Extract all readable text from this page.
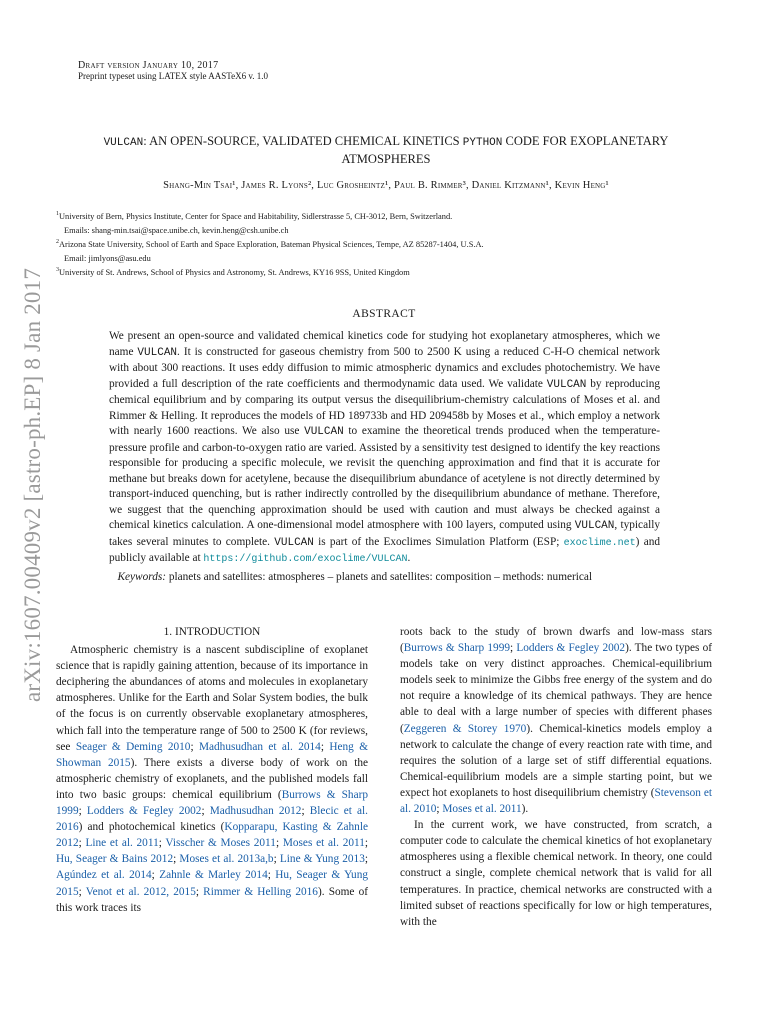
arXiv:1607.00409v2 [astro-ph.EP] 8 Jan 2017
Draft version January 10, 2017
Preprint typeset using LATEX style AASTeX6 v. 1.0
VULCAN: AN OPEN-SOURCE, VALIDATED CHEMICAL KINETICS PYTHON CODE FOR EXOPLANETARY
ATMOSPHERES
Shang-Min Tsai¹, James R. Lyons², Luc Grosheintz¹, Paul B. Rimmer³, Daniel Kitzmann¹, Kevin Heng¹
$^1$University of Bern, Physics Institute, Center for Space and Habitability, Sidlerstrasse 5, CH-3012, Bern, Switzerland.
Emails: shang-min.tsai@space.unibe.ch, kevin.heng@csh.unibe.ch
$^2$Arizona State University, School of Earth and Space Exploration, Bateman Physical Sciences, Tempe, AZ 85287-1404, U.S.A.
Email: jimlyons@asu.edu
$^3$University of St. Andrews, School of Physics and Astronomy, St. Andrews, KY16 9SS, United Kingdom
ABSTRACT
We present an open-source and validated chemical kinetics code for studying hot exoplanetary atmospheres, which we name VULCAN. It is constructed for gaseous chemistry from 500 to 2500 K using a reduced C-H-O chemical network with about 300 reactions. It uses eddy diffusion to mimic atmospheric dynamics and excludes photochemistry. We have provided a full description of the rate coefficients and thermodynamic data used. We validate VULCAN by reproducing chemical equilibrium and by comparing its output versus the disequilibrium-chemistry calculations of Moses et al. and Rimmer & Helling. It reproduces the models of HD 189733b and HD 209458b by Moses et al., which employ a network with nearly 1600 reactions. We also use VULCAN to examine the theoretical trends produced when the temperature-pressure profile and carbon-to-oxygen ratio are varied. Assisted by a sensitivity test designed to identify the key reactions responsible for producing a specific molecule, we revisit the quenching approximation and find that it is accurate for methane but breaks down for acetylene, because the disequilibrium abundance of acetylene is not directly determined by transport-induced quenching, but is rather indirectly controlled by the disequilibrium abundance of methane. Therefore, we suggest that the quenching approximation should be used with caution and must always be checked against a chemical kinetics calculation. A one-dimensional model atmosphere with 100 layers, computed using VULCAN, typically takes several minutes to complete. VULCAN is part of the Exoclimes Simulation Platform (ESP; exoclime.net) and publicly available at https://github.com/exoclime/VULCAN.
Keywords: planets and satellites: atmospheres – planets and satellites: composition – methods: numerical
1. INTRODUCTION

Atmospheric chemistry is a nascent subdiscipline of exoplanet science that is rapidly gaining attention, because of its importance in deciphering the abundances of atoms and molecules in exoplanetary atmospheres. Unlike for the Earth and Solar System bodies, the bulk of the focus is on currently observable exoplanetary atmospheres, which fall into the temperature range of 500 to 2500 K (for reviews, see Seager & Deming 2010; Madhusudhan et al. 2014; Heng & Showman 2015). There exists a diverse body of work on the atmospheric chemistry of exoplanets, and the published models fall into two basic groups: chemical equilibrium (Burrows & Sharp 1999; Lodders & Fegley 2002; Madhusudhan 2012; Blecic et al. 2016) and photochemical kinetics (Kopparapu, Kasting & Zahnle 2012; Line et al. 2011; Visscher & Moses 2011; Moses et al. 2011; Hu, Seager & Bains 2012; Moses et al. 2013a,b; Line & Yung 2013; Agúndez et al. 2014; Zahnle & Marley 2014; Hu, Seager & Yung 2015; Venot et al. 2012, 2015; Rimmer & Helling 2016). Some of this work traces its

roots back to the study of brown dwarfs and low-mass stars (Burrows & Sharp 1999; Lodders & Fegley 2002). The two types of models take on very distinct approaches. Chemical-equilibrium models seek to minimize the Gibbs free energy of the system and do not require a knowledge of its chemical pathways. They are hence able to deal with a large number of species with different phases (Zeggeren & Storey 1970). Chemical-kinetics models employ a network to calculate the change of every reaction rate with time, and requires the solution of a large set of stiff differential equations. Chemical-equilibrium models are a simple starting point, but we expect hot exoplanets to host disequilibrium chemistry (Stevenson et al. 2010; Moses et al. 2011).

In the current work, we have constructed, from scratch, a computer code to calculate the chemical kinetics of hot exoplanetary atmospheres using a flexible chemical network. In theory, one could construct a single, complete chemical network that is valid for all temperatures. In practice, chemical networks are constructed with a limited subset of reactions specifically for low or high temperatures, with the
